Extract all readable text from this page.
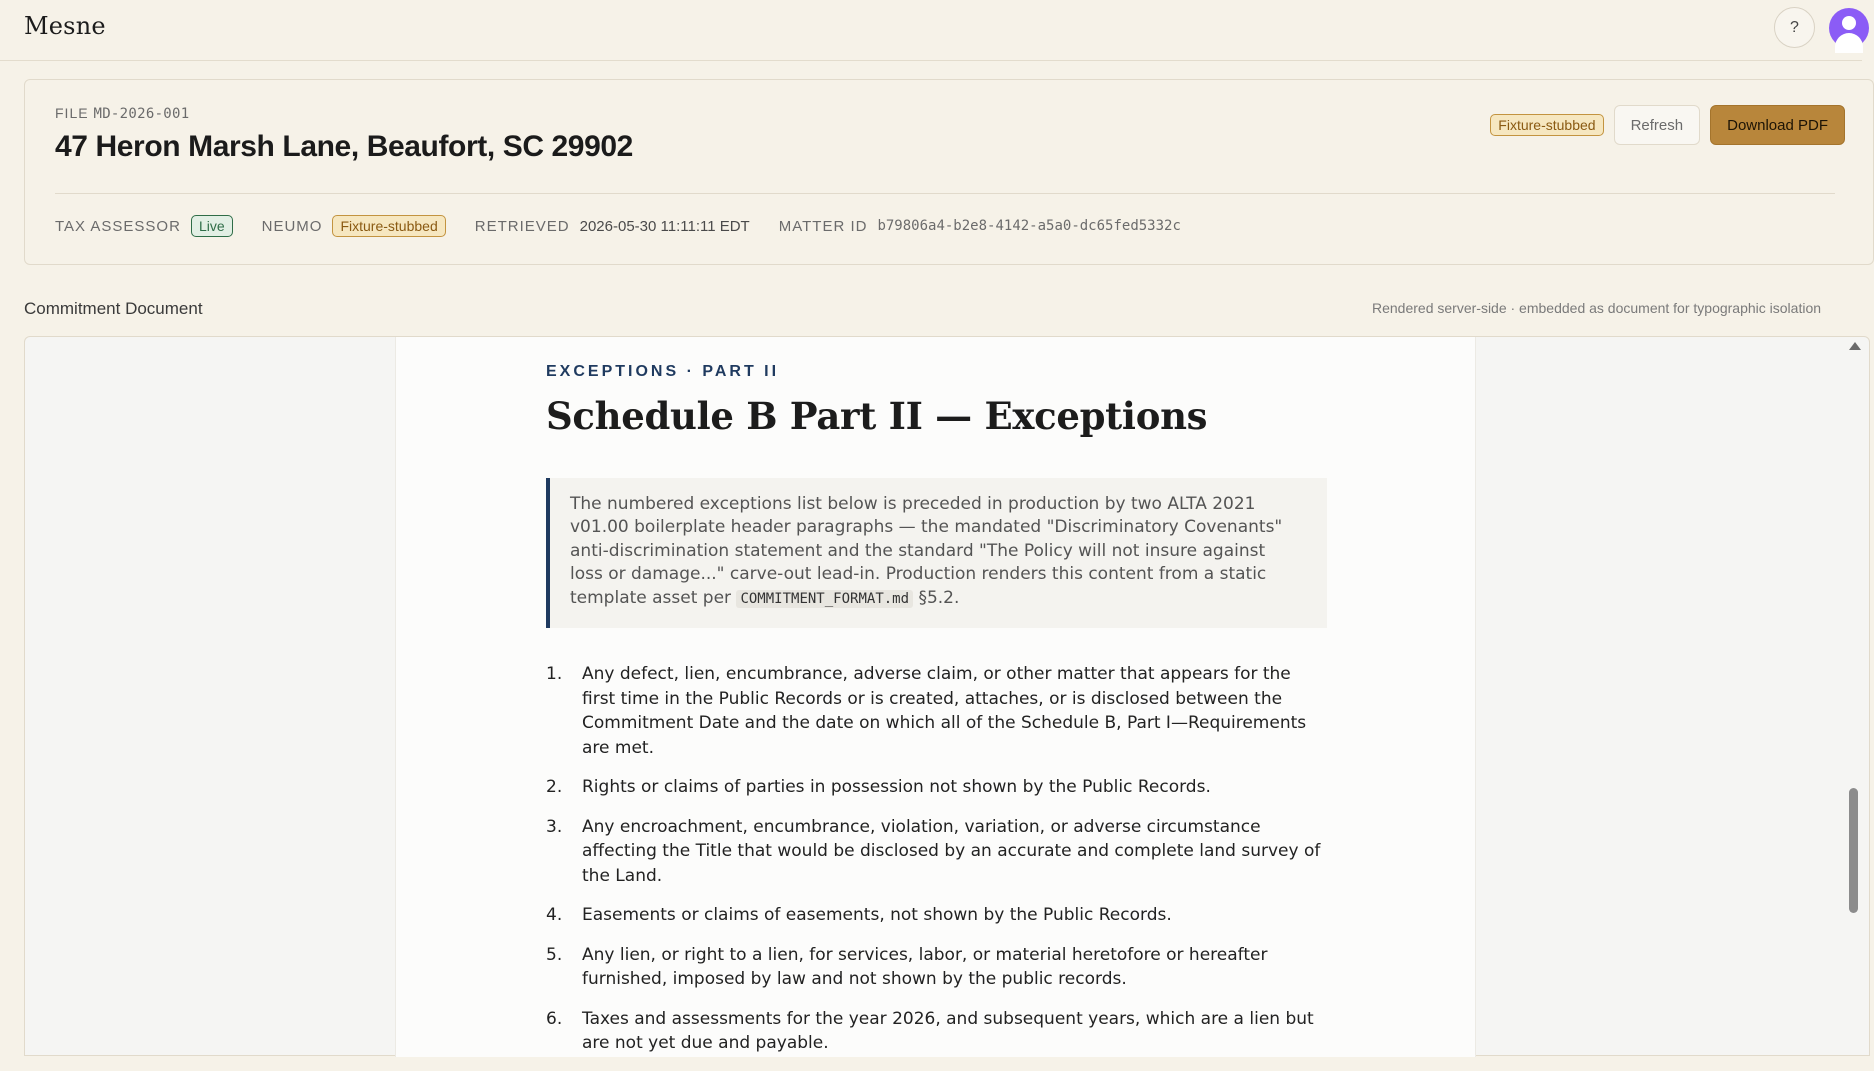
Mesne	?
FILE MD-2026-001
47 Heron Marsh Lane, Beaufort, SC 29902
Fixture-stubbed	Refresh	Download PDF
TAX ASSESSOR	Live	NEUMO	Fixture-stubbed	RETRIEVED 2026-05-30 11:11:11 EDT MATTER ID b79806a4-b2e8-4142-a5a0-dc65fed5332c
Commitment Document	Rendered server-side · embedded as document for typographic isolation
EXCEPTIONS · PART II
Schedule B Part II — Exceptions
The numbered exceptions list below is preceded in production by two ALTA 2021 v01.00 boilerplate header paragraphs — the mandated "Discriminatory Covenants" anti-discrimination statement and the standard "The Policy will not insure against loss or damage..." carve-out lead-in. Production renders this content from a static template asset per COMMITMENT_FORMAT.md §5.2.
1.	Any defect, lien, encumbrance, adverse claim, or other matter that appears for the first time in the Public Records or is created, attaches, or is disclosed between the Commitment Date and the date on which all of the Schedule B, Part I—Requirements are met.
2.	Rights or claims of parties in possession not shown by the Public Records.
3.	Any encroachment, encumbrance, violation, variation, or adverse circumstance affecting the Title that would be disclosed by an accurate and complete land survey of the Land.
4.	Easements or claims of easements, not shown by the Public Records.
5.	Any lien, or right to a lien, for services, labor, or material heretofore or hereafter furnished, imposed by law and not shown by the public records.
6.	Taxes and assessments for the year 2026, and subsequent years, which are a lien but are not yet due and payable.
